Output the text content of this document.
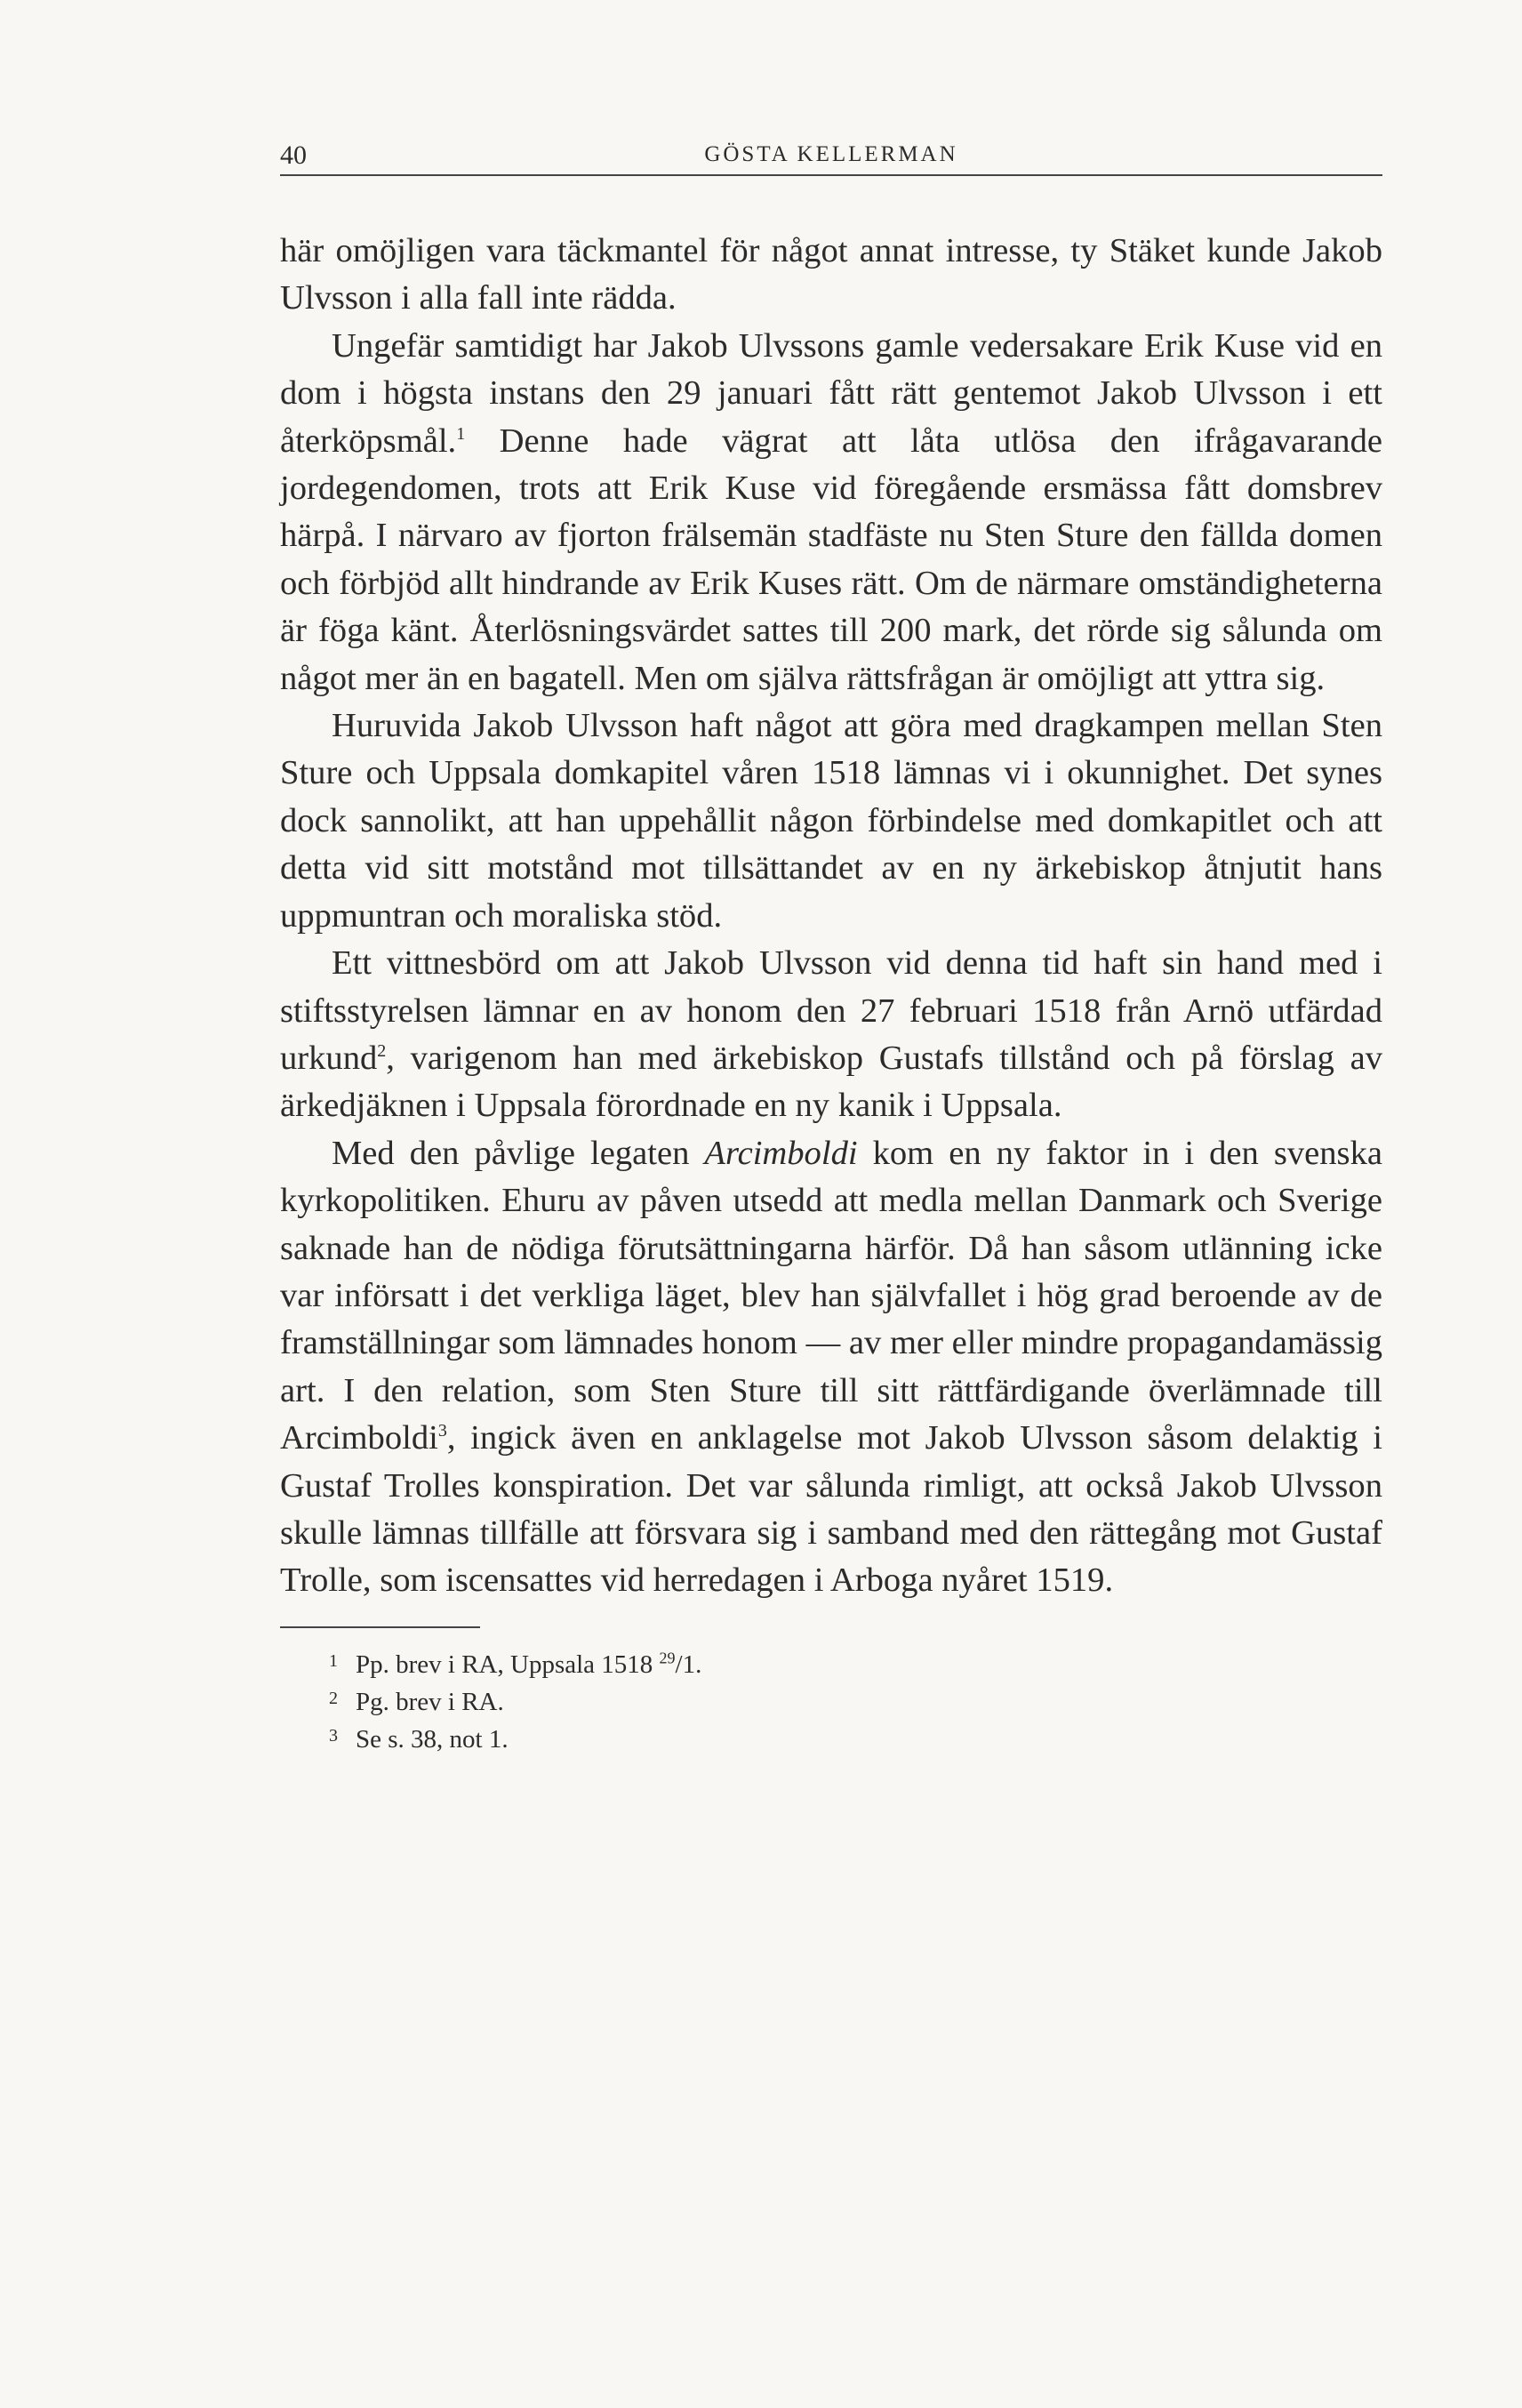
40	GÖSTA KELLERMAN

här omöjligen vara täckmantel för något annat intresse, ty Stäket kunde Jakob Ulvsson i alla fall inte rädda.

Ungefär samtidigt har Jakob Ulvssons gamle vedersakare Erik Kuse vid en dom i högsta instans den 29 januari fått rätt gentemot Jakob Ulvsson i ett återköpsmål.$^1$ Denne hade vägrat att låta utlösa den ifrågavarande jordegendomen, trots att Erik Kuse vid föregående ersmässa fått domsbrev härpå. I närvaro av fjorton frälsemän stadfäste nu Sten Sture den fällda domen och förbjöd allt hindrande av Erik Kuses rätt. Om de närmare omständigheterna är föga känt. Återlösningsvärdet sattes till 200 mark, det rörde sig sålunda om något mer än en bagatell. Men om själva rättsfrågan är omöjligt att yttra sig.

Huruvida Jakob Ulvsson haft något att göra med dragkampen mellan Sten Sture och Uppsala domkapitel våren 1518 lämnas vi i okunnighet. Det synes dock sannolikt, att han uppehållit någon förbindelse med domkapitlet och att detta vid sitt motstånd mot tillsättandet av en ny ärkebiskop åtnjutit hans uppmuntran och moraliska stöd.

Ett vittnesbörd om att Jakob Ulvsson vid denna tid haft sin hand med i stiftsstyrelsen lämnar en av honom den 27 februari 1518 från Arnö utfärdad urkund$^2$, varigenom han med ärkebiskop Gustafs tillstånd och på förslag av ärkedjäknen i Uppsala förordnade en ny kanik i Uppsala.

Med den påvlige legaten Arcimboldi kom en ny faktor in i den svenska kyrkopolitiken. Ehuru av påven utsedd att medla mellan Danmark och Sverige saknade han de nödiga förutsättningarna härför. Då han såsom utlänning icke var införsatt i det verkliga läget, blev han självfallet i hög grad beroende av de framställningar som lämnades honom — av mer eller mindre propagandamässig art. I den relation, som Sten Sture till sitt rättfärdigande överlämnade till Arcimboldi$^3$, ingick även en anklagelse mot Jakob Ulvsson såsom delaktig i Gustaf Trolles konspiration. Det var sålunda rimligt, att också Jakob Ulvsson skulle lämnas tillfälle att försvara sig i samband med den rättegång mot Gustaf Trolle, som iscensattes vid herredagen i Arboga nyåret 1519.

1 Pp. brev i RA, Uppsala 1518 $^{29}$/1.
2 Pg. brev i RA.
3 Se s. 38, not 1.
